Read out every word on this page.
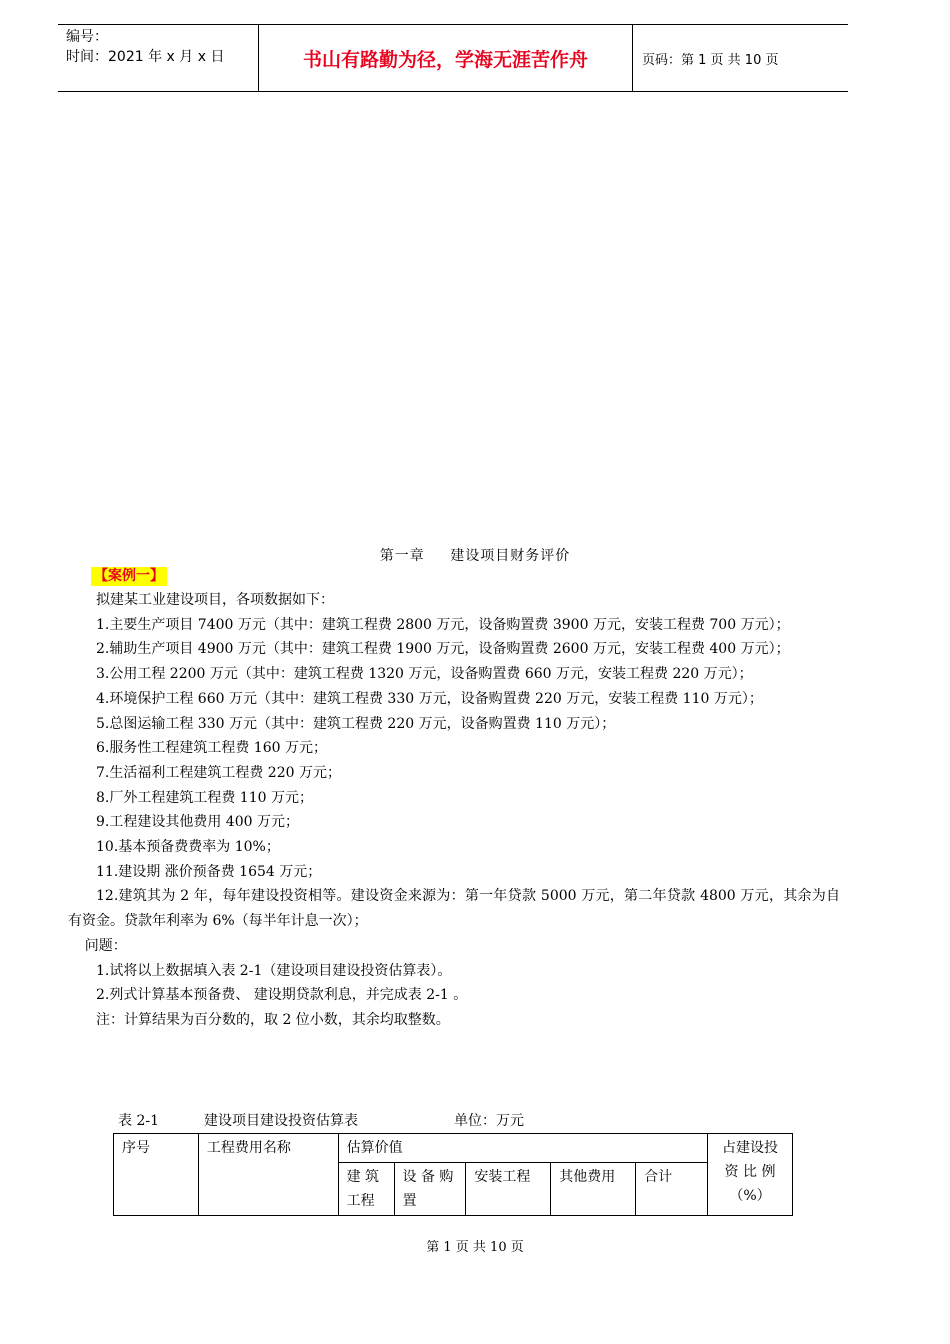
编号：
时间：2021 年 x 月 x 日	书山有路勤为径，学海无涯苦作舟	页码：第 1 页 共 10 页
第一章 建设项目财务评价
【案例一】

拟建某工业建设项目，各项数据如下：

1.主要生产项目 7400 万元（其中：建筑工程费 2800 万元，设备购置费 3900 万元，安装工程费 700 万元）；

2.辅助生产项目 4900 万元（其中：建筑工程费 1900 万元，设备购置费 2600 万元，安装工程费 400 万元）；

3.公用工程 2200 万元（其中：建筑工程费 1320 万元，设备购置费 660 万元，安装工程费 220 万元）；

4.环境保护工程 660 万元（其中：建筑工程费 330 万元，设备购置费 220 万元，安装工程费 110 万元）；

5.总图运输工程 330 万元（其中：建筑工程费 220 万元，设备购置费 110 万元）；

6.服务性工程建筑工程费 160 万元；

7.生活福利工程建筑工程费 220 万元；

8.厂外工程建筑工程费 110 万元；

9.工程建设其他费用 400 万元；

10.基本预备费费率为 10%；

11.建设期 涨价预备费 1654 万元；

12.建筑其为 2 年，每年建设投资相等。建设资金来源为：第一年贷款 5000 万元，第二年贷款 4800 万元，其余为自有资金。贷款年利率为 6%（每半年计息一次）；

问题：

1.试将以上数据填入表 2-1（建设项目建设投资估算表）。

2.列式计算基本预备费、 建设期贷款利息，并完成表 2-1 。

注：计算结果为百分数的，取 2 位小数，其余均取整数。

表 2-1	建设项目建设投资估算表	单位：万元
序号	工程费用名称	估算价值					占建设投资 比 例（%）
		建 筑 工程	设 备 购 置	安装工程	其他费用	合计	
第 1 页 共 10 页
